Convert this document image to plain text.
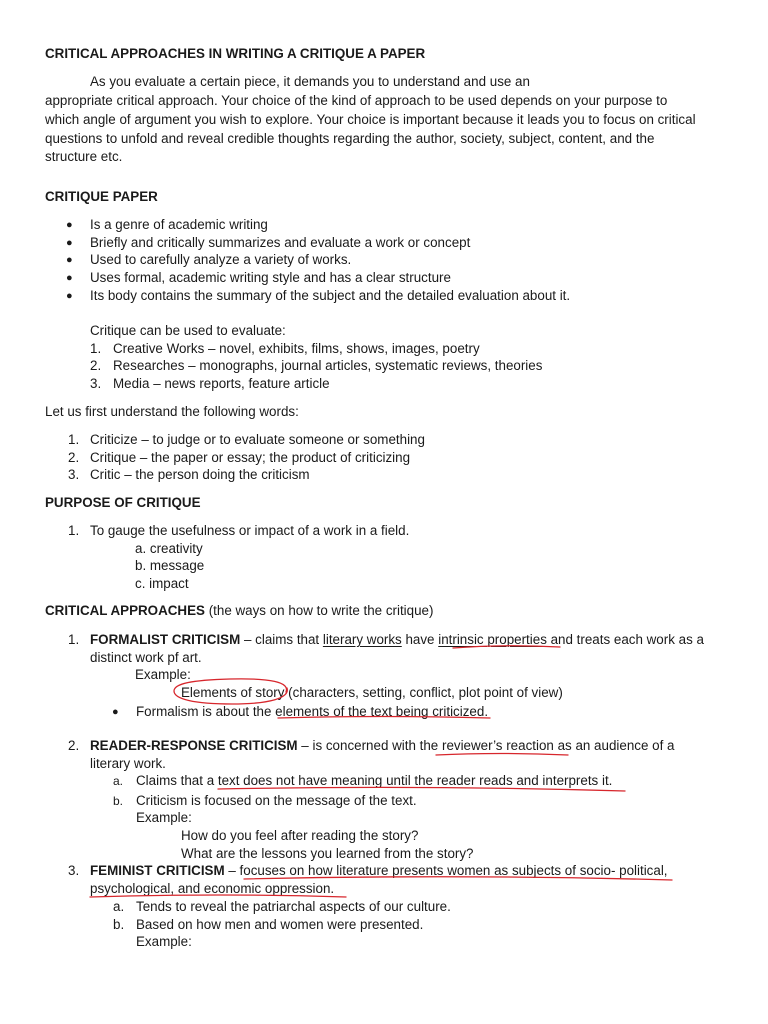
CRITICAL APPROACHES IN WRITING A CRITIQUE A PAPER
As you evaluate a certain piece, it demands you to understand and use an
appropriate critical approach. Your choice of the kind of approach to be used depends on your purpose to
which angle of argument you wish to explore. Your choice is important because it leads you to focus on critical
questions to unfold and reveal credible thoughts regarding the author, society, subject, content, and the
structure etc.
CRITIQUE PAPER
● Is a genre of academic writing
● Briefly and critically summarizes and evaluate a work or concept
● Used to carefully analyze a variety of works.
● Uses formal, academic writing style and has a clear structure
● Its body contains the summary of the subject and the detailed evaluation about it.
Critique can be used to evaluate:
1. Creative Works – novel, exhibits, films, shows, images, poetry
2. Researches – monographs, journal articles, systematic reviews, theories
3. Media – news reports, feature article
Let us first understand the following words:
1. Criticize – to judge or to evaluate someone or something
2. Critique – the paper or essay; the product of criticizing
3. Critic – the person doing the criticism
PURPOSE OF CRITIQUE
1. To gauge the usefulness or impact of a work in a field.
a. creativity
b. message
c. impact
CRITICAL APPROACHES (the ways on how to write the critique)
1. FORMALIST CRITICISM – claims that literary works have intrinsic properties and treats each work as a
distinct work pf art.
Example:
Elements of story (characters, setting, conflict, plot point of view)
● Formalism is about the elements of the text being criticized.
2. READER-RESPONSE CRITICISM – is concerned with the reviewer’s reaction as an audience of a
literary work.
a. Claims that a text does not have meaning until the reader reads and interprets it.
b. Criticism is focused on the message of the text.
Example:
How do you feel after reading the story?
What are the lessons you learned from the story?
3. FEMINIST CRITICISM – focuses on how literature presents women as subjects of socio- political,
psychological, and economic oppression.
a. Tends to reveal the patriarchal aspects of our culture.
b. Based on how men and women were presented.
Example:
